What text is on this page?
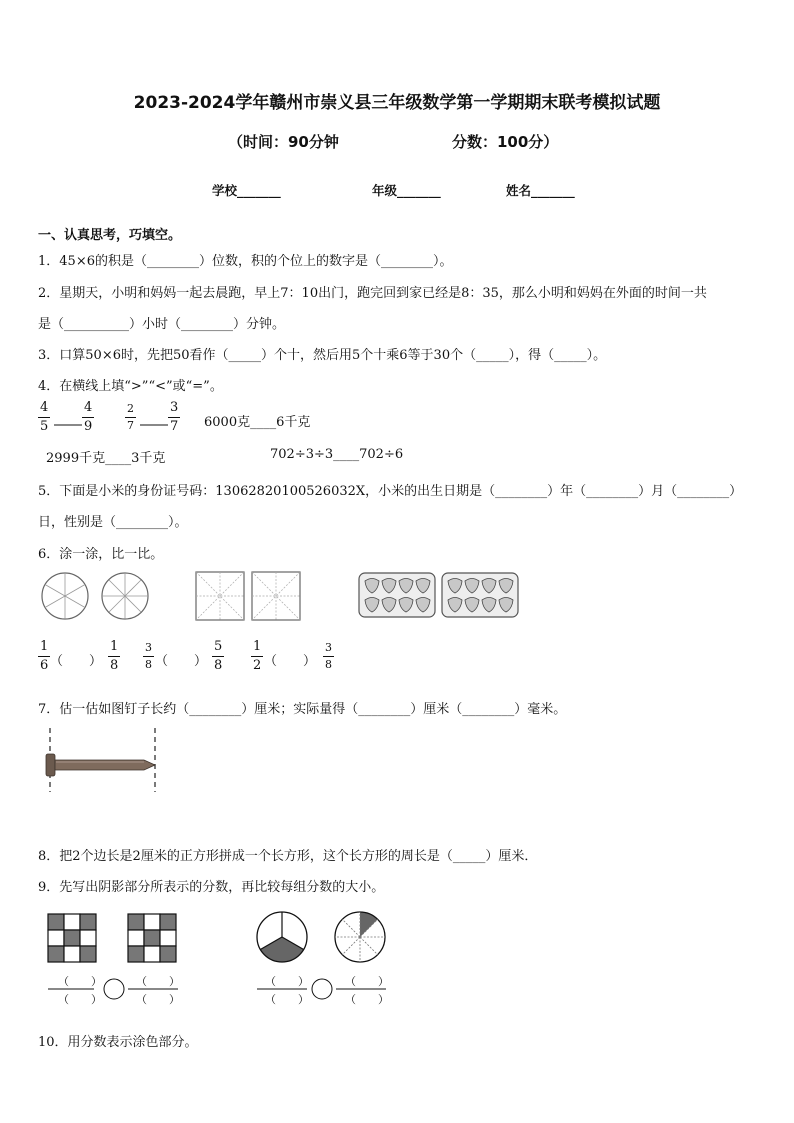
2023-2024学年赣州市崇义县三年级数学第一学期期末联考模拟试题
（时间：90分钟	分数：100分）
学校_______	年级_______	姓名_______
一、认真思考，巧填空。
1．45×6的积是（________）位数，积的个位上的数字是（________）。
2．星期天，小明和妈妈一起去晨跑，早上7：10出门，跑完回到家已经是8：35，那么小明和妈妈在外面的时间一共
是（__________）小时（________）分钟。
3．口算50×6时，先把50看作（_____）个十，然后用5个十乘6等于30个（_____），得（_____）。
4．在横线上填“>”“<”或“=”。
$\frac{4}{5} \frac{4}{9}$	$\frac{2}{7} \frac{3}{7} 6000$克____6千克
2999千克____3千克	702÷3÷3____702÷6
5．下面是小米的身份证号码：13062820100526032X，小米的出生日期是（________）年（________）月（________）
日，性别是（________）。
6．涂一涂，比一比。
$\frac{1}{6}$ （　　） $\frac{1}{8} \frac{3}{8}$ （　　） $\frac{5}{8} \frac{1}{2}$ （　　） $\frac{3}{8}$
7．估一估如图钉子长约（________）厘米；实际量得（________）厘米（________）毫米。
8．把2个边长是2厘米的正方形拼成一个长方形，这个长方形的周长是（_____）厘米．
9．先写出阴影部分所表示的分数，再比较每组分数的大小。
（　　）
（　　）
（　　）
（　　）
（　　）
（　　）
（　　）
（　　）
10．用分数表示涂色部分。
